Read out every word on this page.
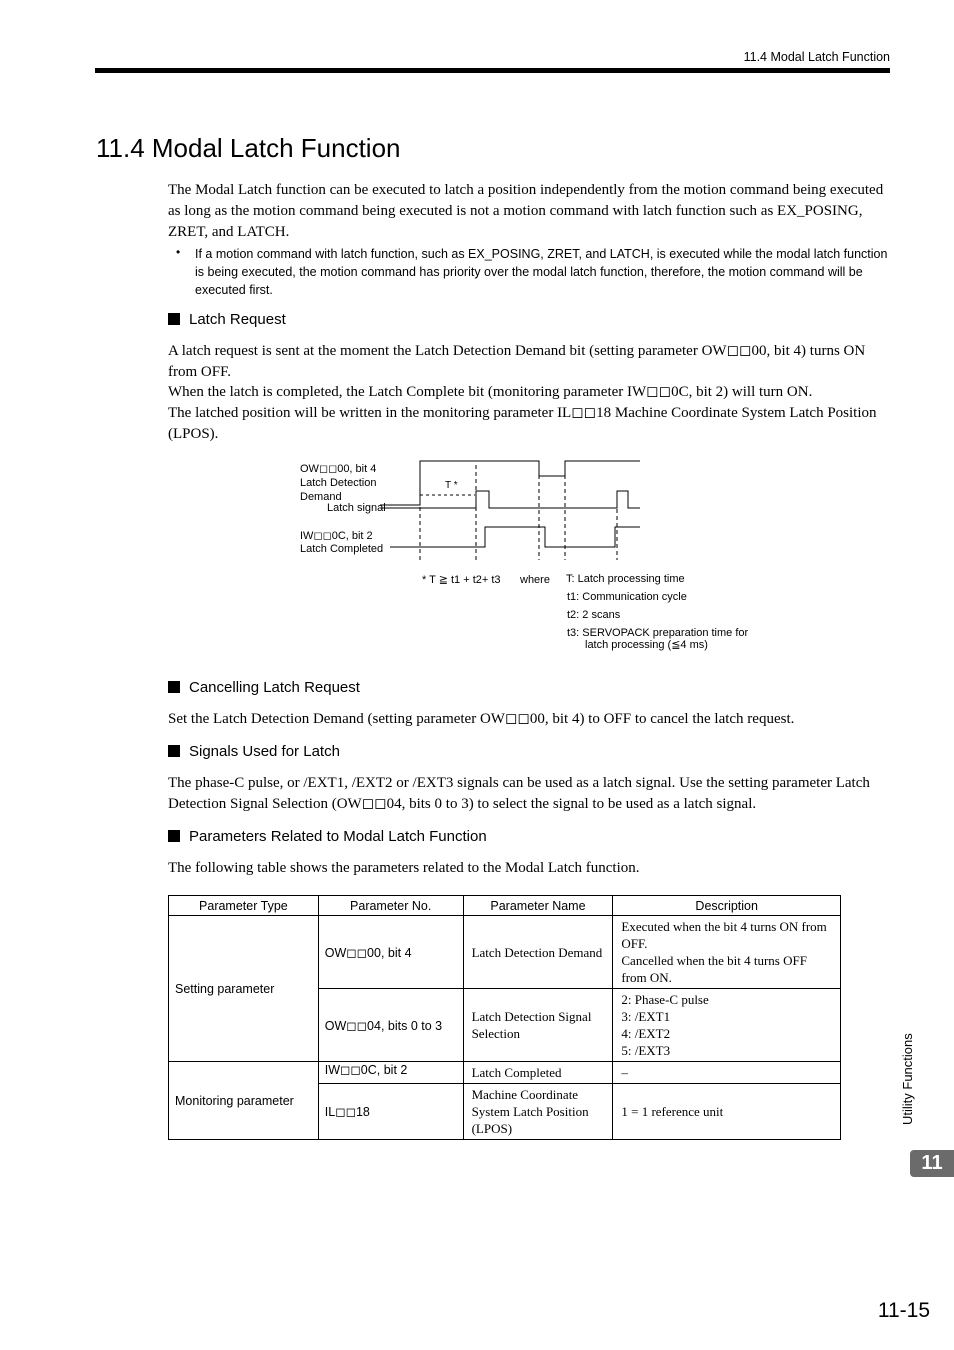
11.4 Modal Latch Function
11.4 Modal Latch Function
The Modal Latch function can be executed to latch a position independently from the motion command being executed as long as the motion command being executed is not a motion command with latch function such as EX_POSING, ZRET, and LATCH.
• If a motion command with latch function, such as EX_POSING, ZRET, and LATCH, is executed while the modal latch function is being executed, the motion command has priority over the modal latch function, therefore, the motion command will be executed first.
Latch Request
A latch request is sent at the moment the Latch Detection Demand bit (setting parameter OW◻◻00, bit 4) turns ON from OFF.
When the latch is completed, the Latch Complete bit (monitoring parameter IW◻◻0C, bit 2) will turn ON.
The latched position will be written in the monitoring parameter IL◻◻18 Machine Coordinate System Latch Position (LPOS).
OW◻◻00, bit 4
Latch Detection
Demand
Latch signal
IW◻◻0C, bit 2
Latch Completed
T *
* T ≧ t1 + t2+ t3 where T: Latch processing time
t1: Communication cycle
t2: 2 scans
t3: SERVOPACK preparation time for
latch processing (≦4 ms)
Cancelling Latch Request
Set the Latch Detection Demand (setting parameter OW◻◻00, bit 4) to OFF to cancel the latch request.
Signals Used for Latch
The phase-C pulse, or /EXT1, /EXT2 or /EXT3 signals can be used as a latch signal. Use the setting parameter Latch Detection Signal Selection (OW◻◻04, bits 0 to 3) to select the signal to be used as a latch signal.
Parameters Related to Modal Latch Function
The following table shows the parameters related to the Modal Latch function.
Parameter Type	Parameter No.	Parameter Name	Description
Setting parameter	OW◻◻00, bit 4	Latch Detection Demand	Executed when the bit 4 turns ON from OFF.
Cancelled when the bit 4 turns OFF from ON.

	OW◻◻04, bits 0 to 3	Latch Detection Signal Selection	2: Phase-C pulse
3: /EXT1
4: /EXT2
5: /EXT3

Monitoring parameter	IW◻◻0C, bit 2	Latch Completed	–
	IL◻◻18	Machine Coordinate System Latch Position (LPOS)	1 = 1 reference unit	Utility Functions
11
11-15
